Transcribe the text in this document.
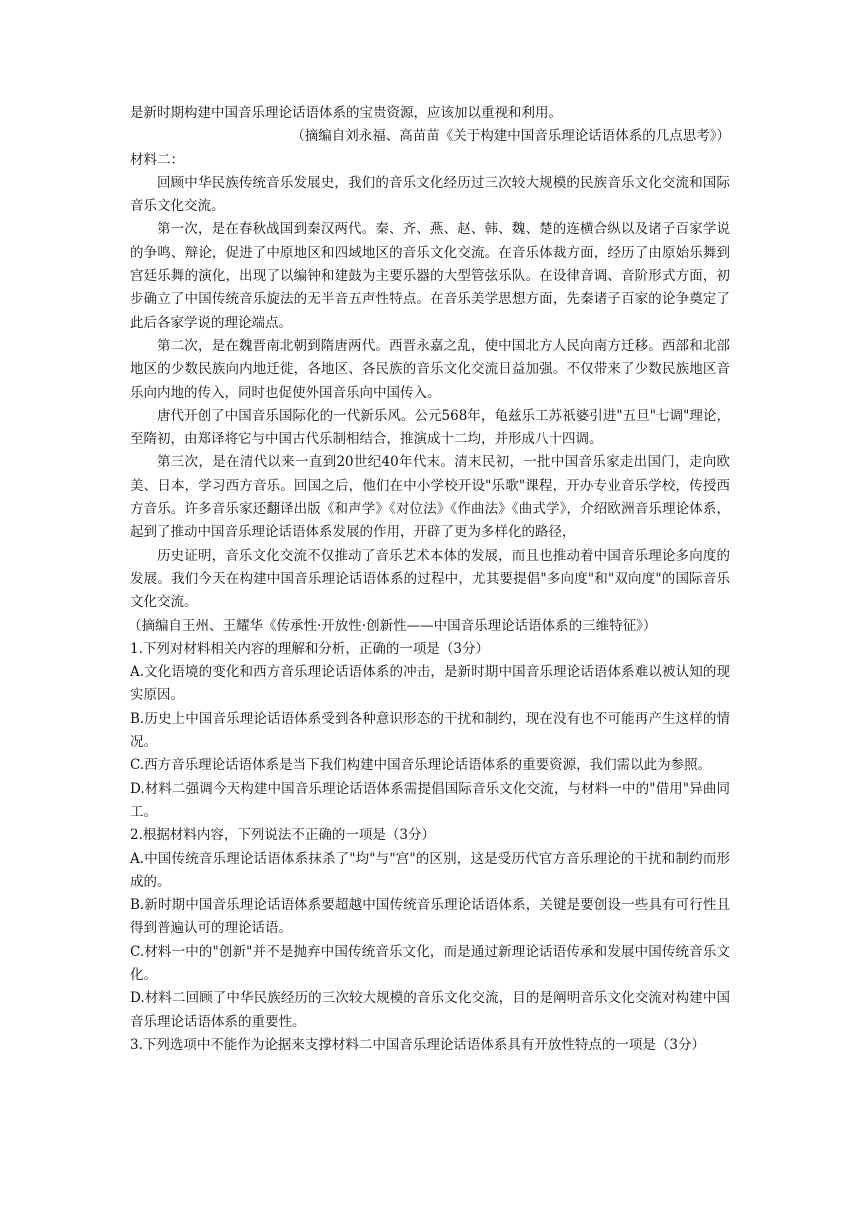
是新时期构建中国音乐理论话语体系的宝贵资源，应该加以重视和利用。

（摘编自刘永福、高苗苗《关于构建中国音乐理论话语体系的几点思考》）

材料二：

回顾中华民族传统音乐发展史，我们的音乐文化经历过三次较大规模的民族音乐文化交流和国际音乐文化交流。

第一次，是在春秋战国到秦汉两代。秦、齐、燕、赵、韩、魏、楚的连横合纵以及诸子百家学说的争鸣、辩论，促进了中原地区和四域地区的音乐文化交流。在音乐体裁方面，经历了由原始乐舞到宫廷乐舞的演化，出现了以编钟和建鼓为主要乐器的大型管弦乐队。在设律音调、音阶形式方面，初步确立了中国传统音乐旋法的无半音五声性特点。在音乐美学思想方面，先秦诸子百家的论争奠定了此后各家学说的理论端点。

第二次，是在魏晋南北朝到隋唐两代。西晋永嘉之乱，使中国北方人民向南方迁移。西部和北部地区的少数民族向内地迁徙，各地区、各民族的音乐文化交流日益加强。不仅带来了少数民族地区音乐向内地的传入，同时也促使外国音乐向中国传入。

唐代开创了中国音乐国际化的一代新乐风。公元568年，龟兹乐工苏祇婆引进"五旦"七调"理论，至隋初，由郑译将它与中国古代乐制相结合，推演成十二均，并形成八十四调。

第三次，是在清代以来一直到20世纪40年代末。清末民初，一批中国音乐家走出国门，走向欧美、日本，学习西方音乐。回国之后，他们在中小学校开设"乐歌"课程，开办专业音乐学校，传授西方音乐。许多音乐家还翻译出版《和声学》《对位法》《作曲法》《曲式学》，介绍欧洲音乐理论体系，起到了推动中国音乐理论话语体系发展的作用，开辟了更为多样化的路径，

历史证明，音乐文化交流不仅推动了音乐艺术本体的发展，而且也推动着中国音乐理论多向度的发展。我们今天在构建中国音乐理论话语体系的过程中，尤其要提倡"多向度"和"双向度"的国际音乐文化交流。

（摘编自王州、王耀华《传承性·开放性·创新性——中国音乐理论话语体系的三维特征》）

1.下列对材料相关内容的理解和分析，正确的一项是（3分）

A.文化语境的变化和西方音乐理论话语体系的冲击，是新时期中国音乐理论话语体系难以被认知的现实原因。

B.历史上中国音乐理论话语体系受到各种意识形态的干扰和制约，现在没有也不可能再产生这样的情况。

C.西方音乐理论话语体系是当下我们构建中国音乐理论话语体系的重要资源，我们需以此为参照。

D.材料二强调今天构建中国音乐理论话语体系需提倡国际音乐文化交流，与材料一中的"借用"异曲同工。

2.根据材料内容，下列说法不正确的一项是（3分）

A.中国传统音乐理论话语体系抹杀了"均"与"宫"的区别，这是受历代官方音乐理论的干扰和制约而形成的。

B.新时期中国音乐理论话语体系要超越中国传统音乐理论话语体系，关键是要创设一些具有可行性且得到普遍认可的理论话语。

C.材料一中的"创新"并不是抛弃中国传统音乐文化，而是通过新理论话语传承和发展中国传统音乐文化。

D.材料二回顾了中华民族经历的三次较大规模的音乐文化交流，目的是阐明音乐文化交流对构建中国音乐理论话语体系的重要性。

3.下列选项中不能作为论据来支撑材料二中国音乐理论话语体系具有开放性特点的一项是（3分）
